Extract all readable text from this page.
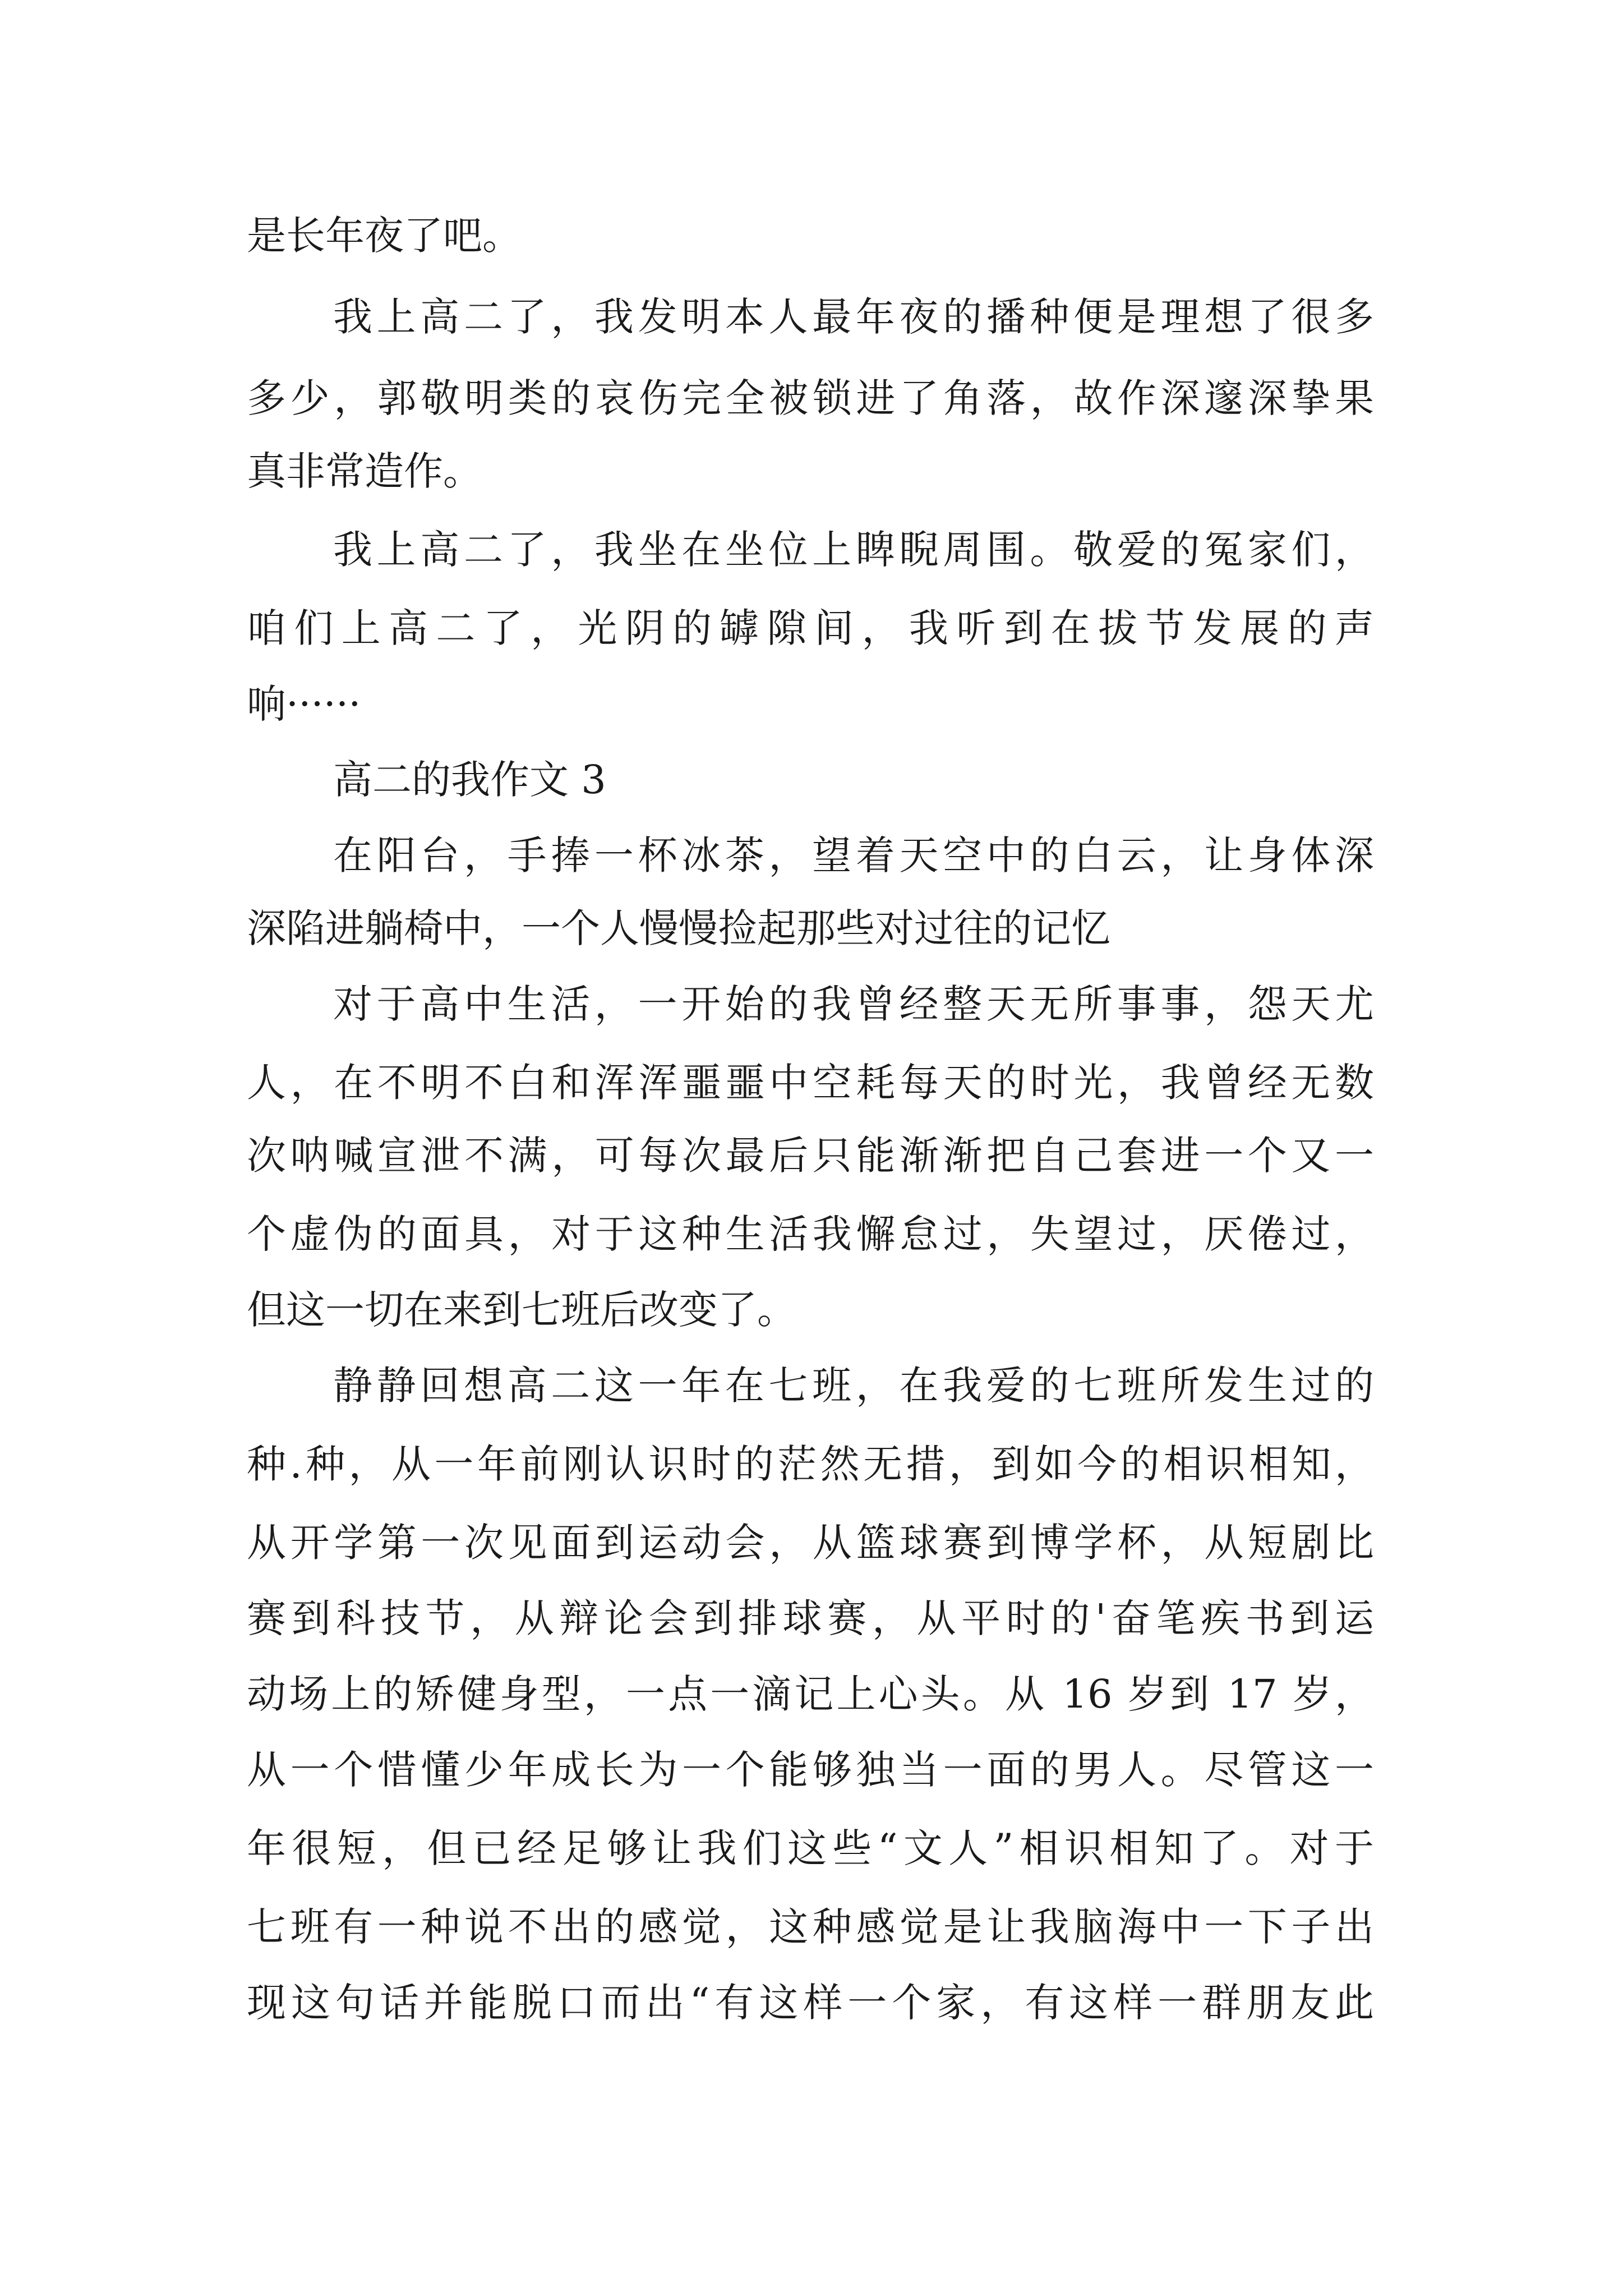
是长年夜了吧。

我上高二了，我发明本人最年夜的播种便是理想了很多

多少，郭敬明类的哀伤完全被锁进了角落，故作深邃深挚果

真非常造作。

我上高二了，我坐在坐位上睥睨周围。敬爱的冤家们，

咱们上高二了，光阴的罅隙间，我听到在拔节发展的声

响······

高二的我作文 3

在阳台，手捧一杯冰茶，望着天空中的白云，让身体深

深陷进躺椅中，一个人慢慢捡起那些对过往的记忆

对于高中生活，一开始的我曾经整天无所事事，怨天尤

人，在不明不白和浑浑噩噩中空耗每天的时光，我曾经无数

次呐喊宣泄不满，可每次最后只能渐渐把自己套进一个又一

个虚伪的面具，对于这种生活我懈怠过，失望过，厌倦过，

但这一切在来到七班后改变了。

静静回想高二这一年在七班，在我爱的七班所发生过的

种.种，从一年前刚认识时的茫然无措，到如今的相识相知，

从开学第一次见面到运动会，从篮球赛到博学杯，从短剧比

赛到科技节，从辩论会到排球赛，从平时的'奋笔疾书到运

动场上的矫健身型，一点一滴记上心头。从 16 岁到 17 岁，

从一个惜懂少年成长为一个能够独当一面的男人。尽管这一

年很短，但已经足够让我们这些“文人”相识相知了。对于

七班有一种说不出的感觉，这种感觉是让我脑海中一下子出

现这句话并能脱口而出“有这样一个家，有这样一群朋友此
